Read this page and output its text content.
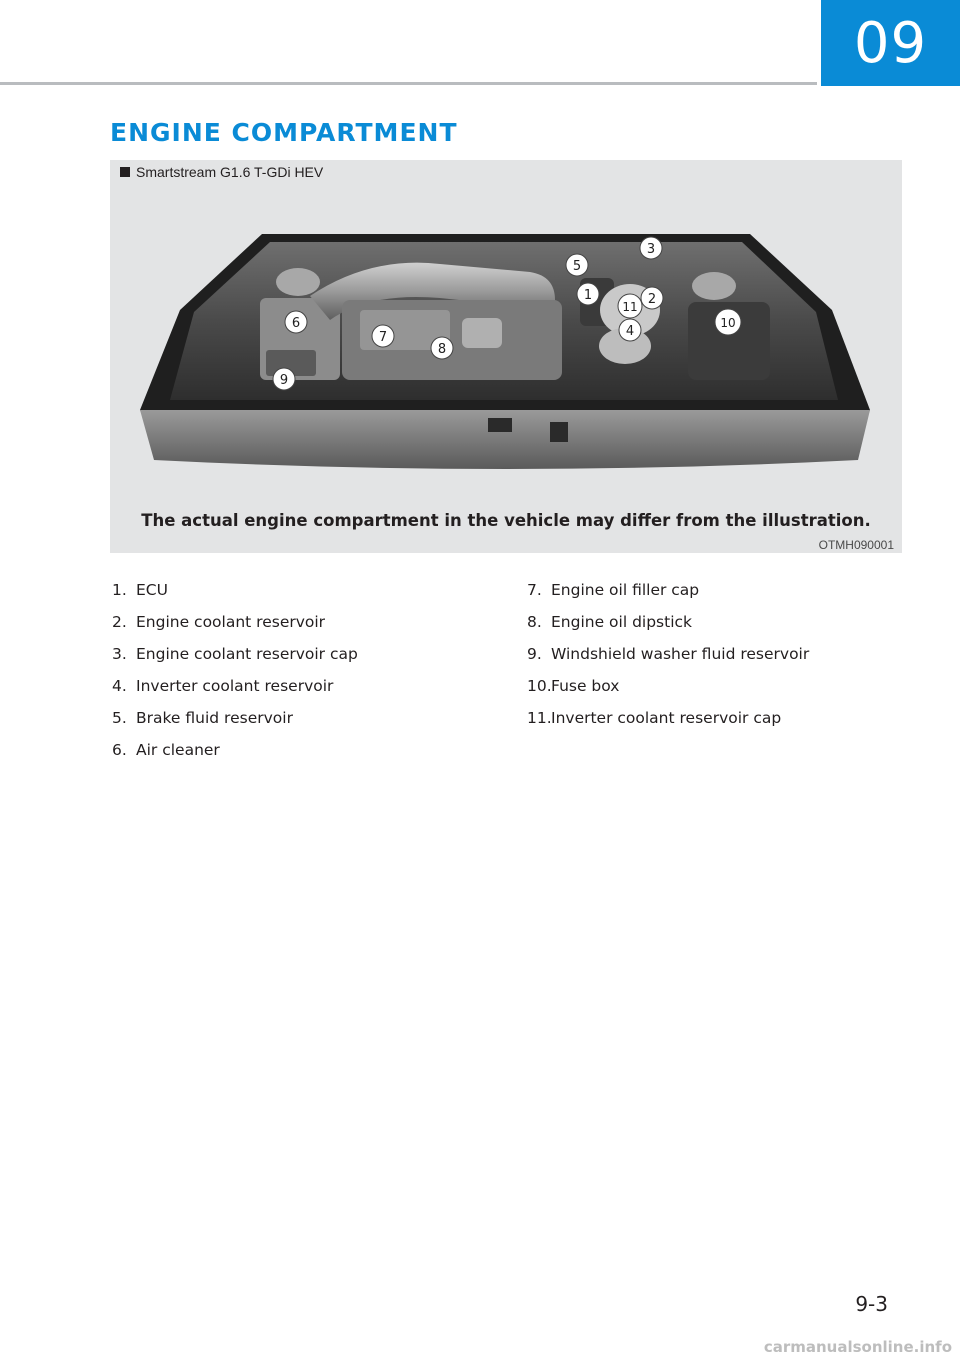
09
ENGINE COMPARTMENT
Smartstream G1.6 T-GDi HEV
5
3
1
11 2
4
10
6
7
8
9
The actual engine compartment in the vehicle may differ from the illustration.
OTMH090001
1. ECU
2. Engine coolant reservoir
3. Engine coolant reservoir cap
4. Inverter coolant reservoir
5. Brake fluid reservoir
6. Air cleaner
7. Engine oil filler cap
8. Engine oil dipstick
9. Windshield washer fluid reservoir
10. Fuse box
11. Inverter coolant reservoir cap
9-3
carmanualsonline.info
